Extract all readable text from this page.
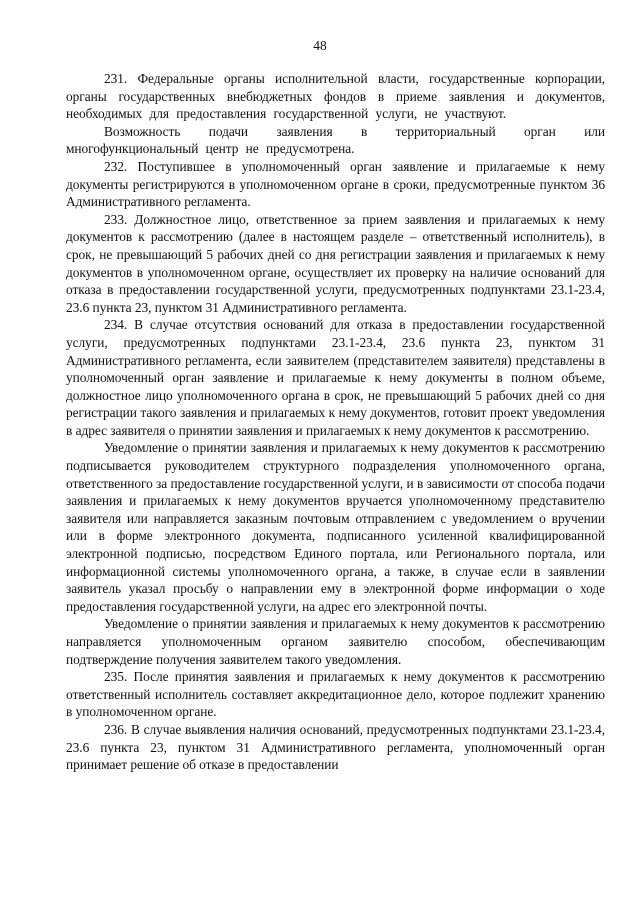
48

231. Федеральные органы исполнительной власти, государственные корпорации, органы государственных внебюджетных фондов в приеме заявления и документов, необходимых для предоставления государственной услуги, не участвуют.

Возможность подачи заявления в территориальный орган или многофункциональный центр не предусмотрена.

232. Поступившее в уполномоченный орган заявление и прилагаемые к нему документы регистрируются в уполномоченном органе в сроки, предусмотренные пунктом 36 Административного регламента.

233. Должностное лицо, ответственное за прием заявления и прилагаемых к нему документов к рассмотрению (далее в настоящем разделе – ответственный исполнитель), в срок, не превышающий 5 рабочих дней со дня регистрации заявления и прилагаемых к нему документов в уполномоченном органе, осуществляет их проверку на наличие оснований для отказа в предоставлении государственной услуги, предусмотренных подпунктами 23.1-23.4, 23.6 пункта 23, пунктом 31 Административного регламента.

234. В случае отсутствия оснований для отказа в предоставлении государственной услуги, предусмотренных подпунктами 23.1-23.4, 23.6 пункта 23, пунктом 31 Административного регламента, если заявителем (представителем заявителя) представлены в уполномоченный орган заявление и прилагаемые к нему документы в полном объеме, должностное лицо уполномоченного органа в срок, не превышающий 5 рабочих дней со дня регистрации такого заявления и прилагаемых к нему документов, готовит проект уведомления в адрес заявителя о принятии заявления и прилагаемых к нему документов к рассмотрению.

Уведомление о принятии заявления и прилагаемых к нему документов к рассмотрению подписывается руководителем структурного подразделения уполномоченного органа, ответственного за предоставление государственной услуги, и в зависимости от способа подачи заявления и прилагаемых к нему документов вручается уполномоченному представителю заявителя или направляется заказным почтовым отправлением с уведомлением о вручении или в форме электронного документа, подписанного усиленной квалифицированной электронной подписью, посредством Единого портала, или Регионального портала, или информационной системы уполномоченного органа, а также, в случае если в заявлении заявитель указал просьбу о направлении ему в электронной форме информации о ходе предоставления государственной услуги, на адрес его электронной почты.

Уведомление о принятии заявления и прилагаемых к нему документов к рассмотрению направляется уполномоченным органом заявителю способом, обеспечивающим подтверждение получения заявителем такого уведомления.

235. После принятия заявления и прилагаемых к нему документов к рассмотрению ответственный исполнитель составляет аккредитационное дело, которое подлежит хранению в уполномоченном органе.

236. В случае выявления наличия оснований, предусмотренных подпунктами 23.1-23.4, 23.6 пункта 23, пунктом 31 Административного регламента, уполномоченный орган принимает решение об отказе в предоставлении
